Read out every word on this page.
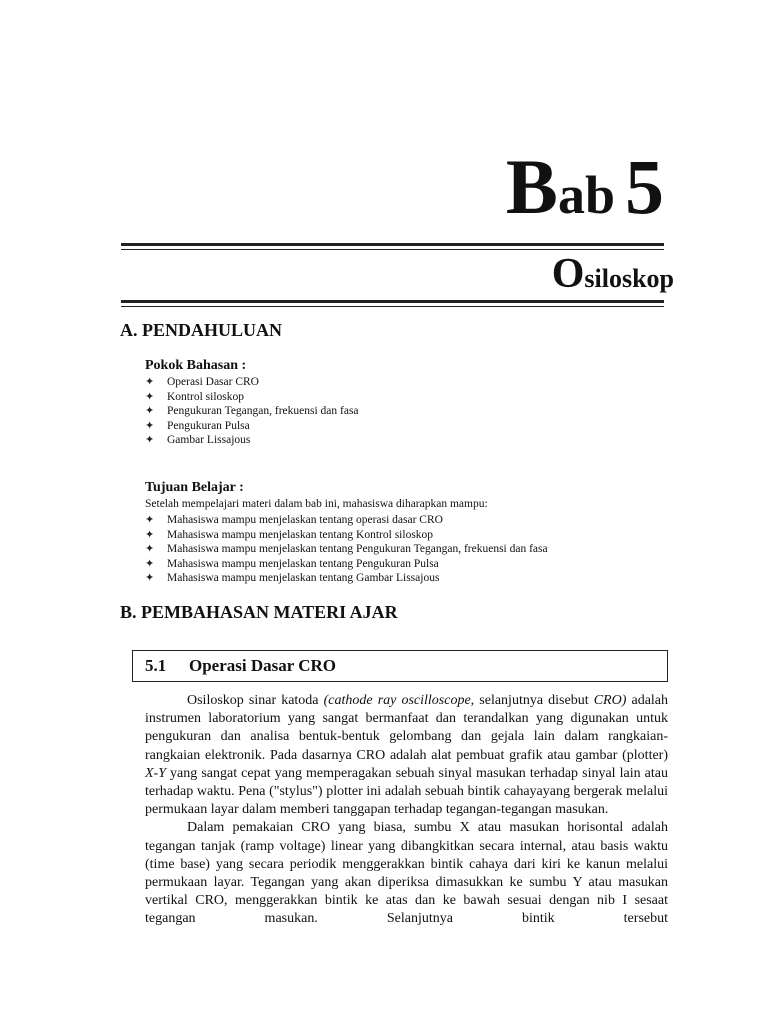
Bab 5
Osiloskop
A. PENDAHULUAN
Pokok Bahasan :
✦ Operasi Dasar CRO
✦ Kontrol siloskop
✦ Pengukuran Tegangan, frekuensi dan fasa
✦ Pengukuran Pulsa
✦ Gambar Lissajous
Tujuan Belajar :
Setelah mempelajari materi dalam bab ini, mahasiswa diharapkan mampu:
✦ Mahasiswa mampu menjelaskan tentang operasi dasar CRO
✦ Mahasiswa mampu menjelaskan tentang Kontrol siloskop
✦ Mahasiswa mampu menjelaskan tentang Pengukuran Tegangan, frekuensi dan fasa
✦ Mahasiswa mampu menjelaskan tentang Pengukuran Pulsa
✦ Mahasiswa mampu menjelaskan tentang Gambar Lissajous
B. PEMBAHASAN MATERI AJAR
5.1	Operasi Dasar CRO

Osiloskop sinar katoda (cathode ray oscilloscope, selanjutnya disebut CRO) adalah instrumen laboratorium yang sangat bermanfaat dan terandalkan yang digunakan untuk pengukuran dan analisa bentuk-bentuk gelombang dan gejala lain dalam rangkaian-rangkaian elektronik. Pada dasarnya CRO adalah alat pembuat grafik atau gambar (plotter) X-Y yang sangat cepat yang memperagakan sebuah sinyal masukan terhadap sinyal lain atau terhadap waktu. Pena ("stylus") plotter ini adalah sebuah bintik cahayayang bergerak melalui permukaan layar dalam memberi tanggapan terhadap tegangan-tegangan masukan.

Dalam pemakaian CRO yang biasa, sumbu X atau masukan horisontal adalah tegangan tanjak (ramp voltage) linear yang dibangkitkan secara internal, atau basis waktu (time base) yang secara periodik menggerakkan bintik cahaya dari kiri ke kanun melalui permukaan layar. Tegangan yang akan diperiksa dimasukkan ke sumbu Y atau masukan vertikal CRO, menggerakkan bintik ke atas dan ke bawah sesuai dengan nib I sesaat tegangan masukan. Selanjutnya bintik tersebut
